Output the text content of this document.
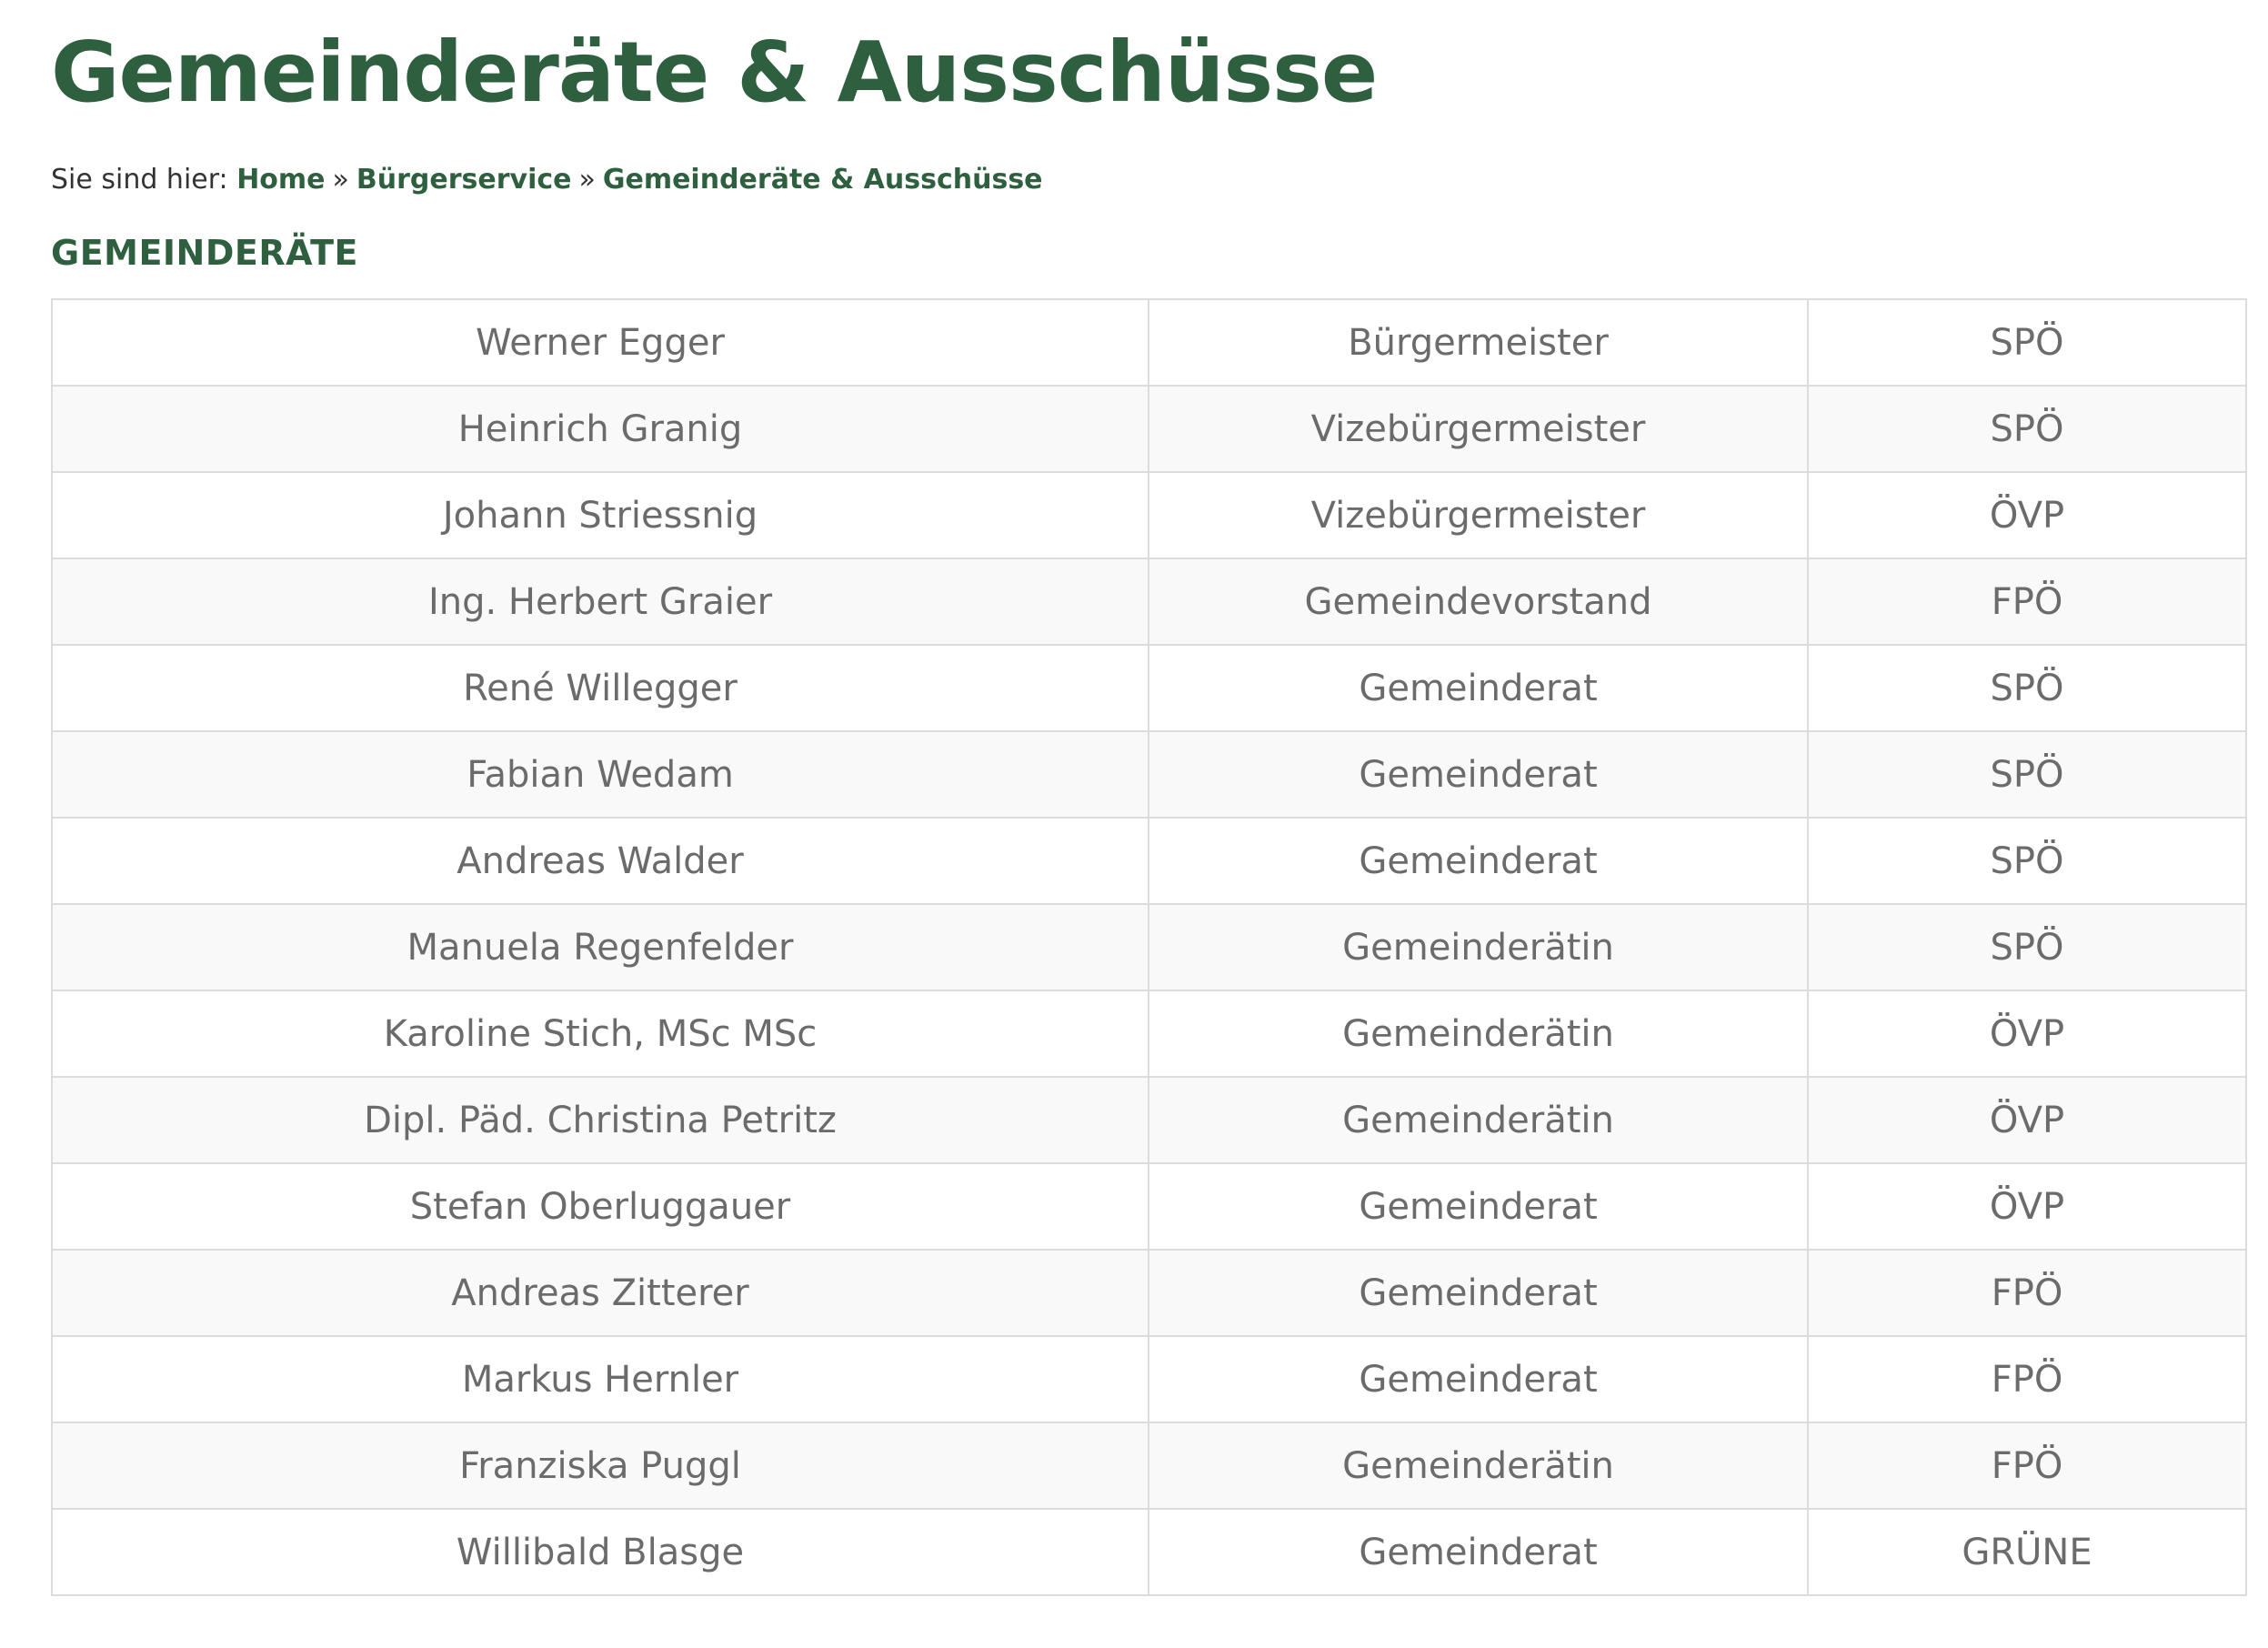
Gemeinderäte & Ausschüsse
Sie sind hier: Home » Bürgerservice » Gemeinderäte & Ausschüsse
GEMEINDERÄTE
Werner Egger	Bürgermeister	SPÖ
Heinrich Granig	Vizebürgermeister	SPÖ
Johann Striessnig	Vizebürgermeister	ÖVP
Ing. Herbert Graier	Gemeindevorstand	FPÖ
René Willegger	Gemeinderat	SPÖ
Fabian Wedam	Gemeinderat	SPÖ
Andreas Walder	Gemeinderat	SPÖ
Manuela Regenfelder	Gemeinderätin	SPÖ
Karoline Stich, MSc MSc	Gemeinderätin	ÖVP
Dipl. Päd. Christina Petritz	Gemeinderätin	ÖVP
Stefan Oberluggauer	Gemeinderat	ÖVP
Andreas Zitterer	Gemeinderat	FPÖ
Markus Hernler	Gemeinderat	FPÖ
Franziska Puggl	Gemeinderätin	FPÖ
Willibald Blasge	Gemeinderat	GRÜNE
